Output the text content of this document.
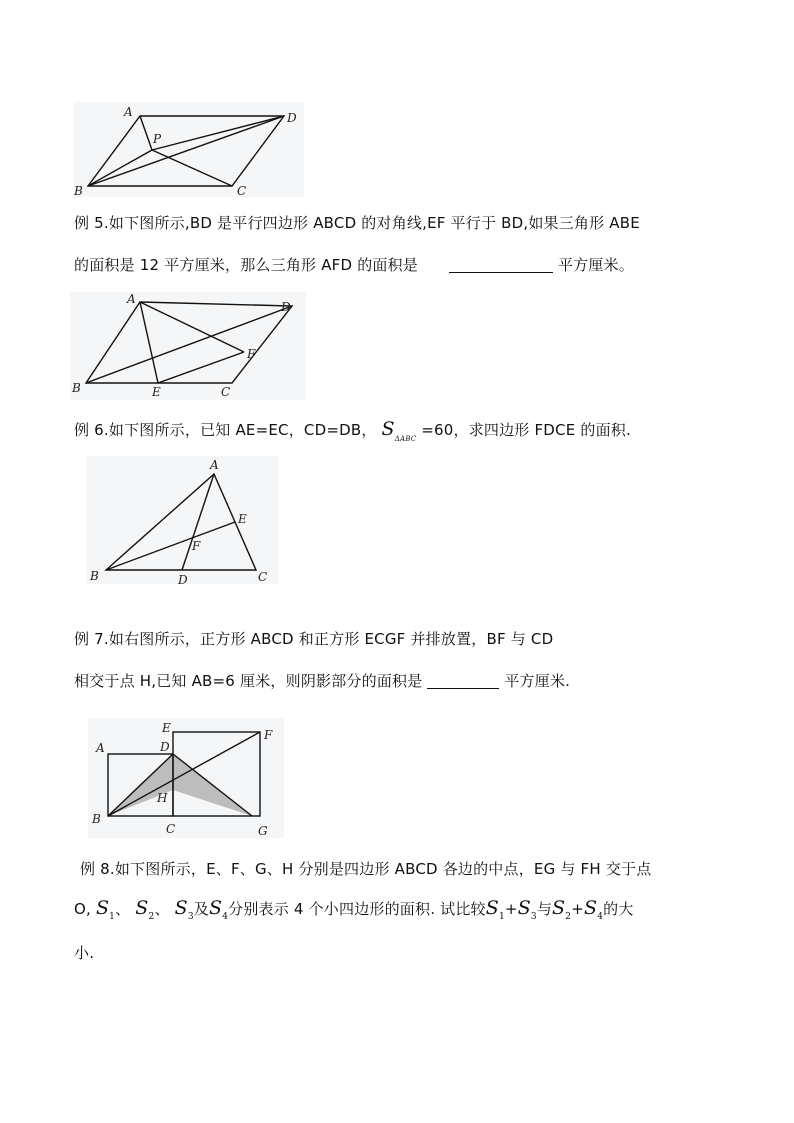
A	D
B	C
P
例 5.如下图所示,BD 是平行四边形 ABCD 的对角线,EF 平行于 BD,如果三角形 ABE
的面积是 12 平方厘米，那么三角形 AFD 的面积是	平方厘米。
A
D
F
B	E	C
例 6.如下图所示，已知 AE=EC，CD=DB， $S_{\Delta ABC} =60$，求四边形 FDCE 的面积.
A
E
F
B	D	C
例 7.如右图所示，正方形 ABCD 和正方形 ECGF 并排放置，BF 与 CD
相交于点 H,已知 AB=6 厘米，则阴影部分的面积是	平方厘米.
A
E
D
F
H
B
C	G
例 8.如下图所示，E、F、G、H 分别是四边形 ABCD 各边的中点，EG 与 FH 交于点
O, $S_1$、 $S_2$、 $S_3$及$S_4$分别表示 4 个小四边形的面积. 试比较$S_1+S_3$与$S_2+S_4$的大
小.
